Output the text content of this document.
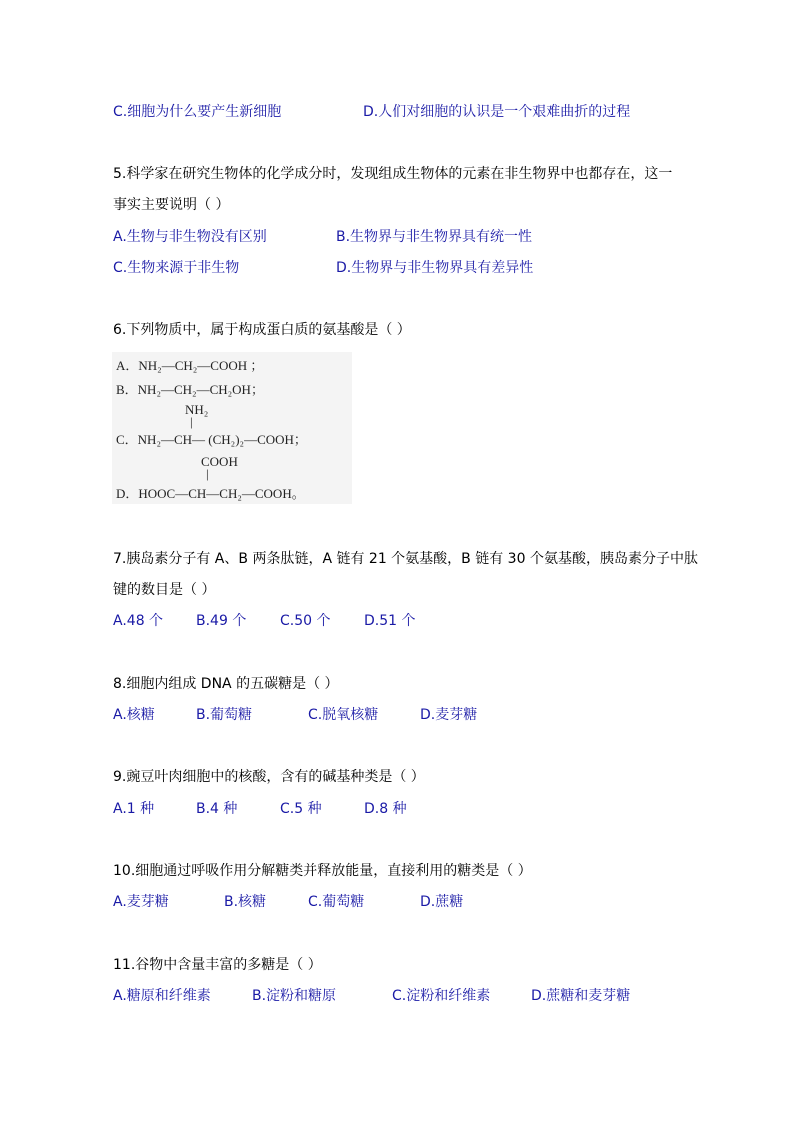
C.细胞为什么要产生新细胞	D.人们对细胞的认识是一个艰难曲折的过程
5.科学家在研究生物体的化学成分时，发现组成生物体的元素在非生物界中也都存在，这一
事实主要说明（ ）
A.生物与非生物没有区别	B.生物界与非生物界具有统一性
C.生物来源于非生物	D.生物界与非生物界具有差异性
6.下列物质中，属于构成蛋白质的氨基酸是（ ）
A．NH₂—CH₂—COOH ；
B．NH₂—CH₂—CH₂OH；
NH₂
|
C．NH₂—CH— (CH₂)₂—COOH；
COOH
|
D．HOOC—CH—CH₂—COOH。
7.胰岛素分子有 A、B 两条肽链，A 链有 21 个氨基酸，B 链有 30 个氨基酸，胰岛素分子中肽
键的数目是（ ）
A.48 个 B.49 个 C.50 个 D.51 个
8.细胞内组成 DNA 的五碳糖是（ ）
A.核糖	B.葡萄糖	C.脱氧核糖	D.麦芽糖
9.豌豆叶肉细胞中的核酸，含有的碱基种类是（ ）
A.1 种	B.4 种	C.5 种	D.8 种
10.细胞通过呼吸作用分解糖类并释放能量，直接利用的糖类是（ ）
A.麦芽糖	B.核糖	C.葡萄糖	D.蔗糖
11.谷物中含量丰富的多糖是（ ）
A.糖原和纤维素	B.淀粉和糖原	C.淀粉和纤维素	D.蔗糖和麦芽糖
